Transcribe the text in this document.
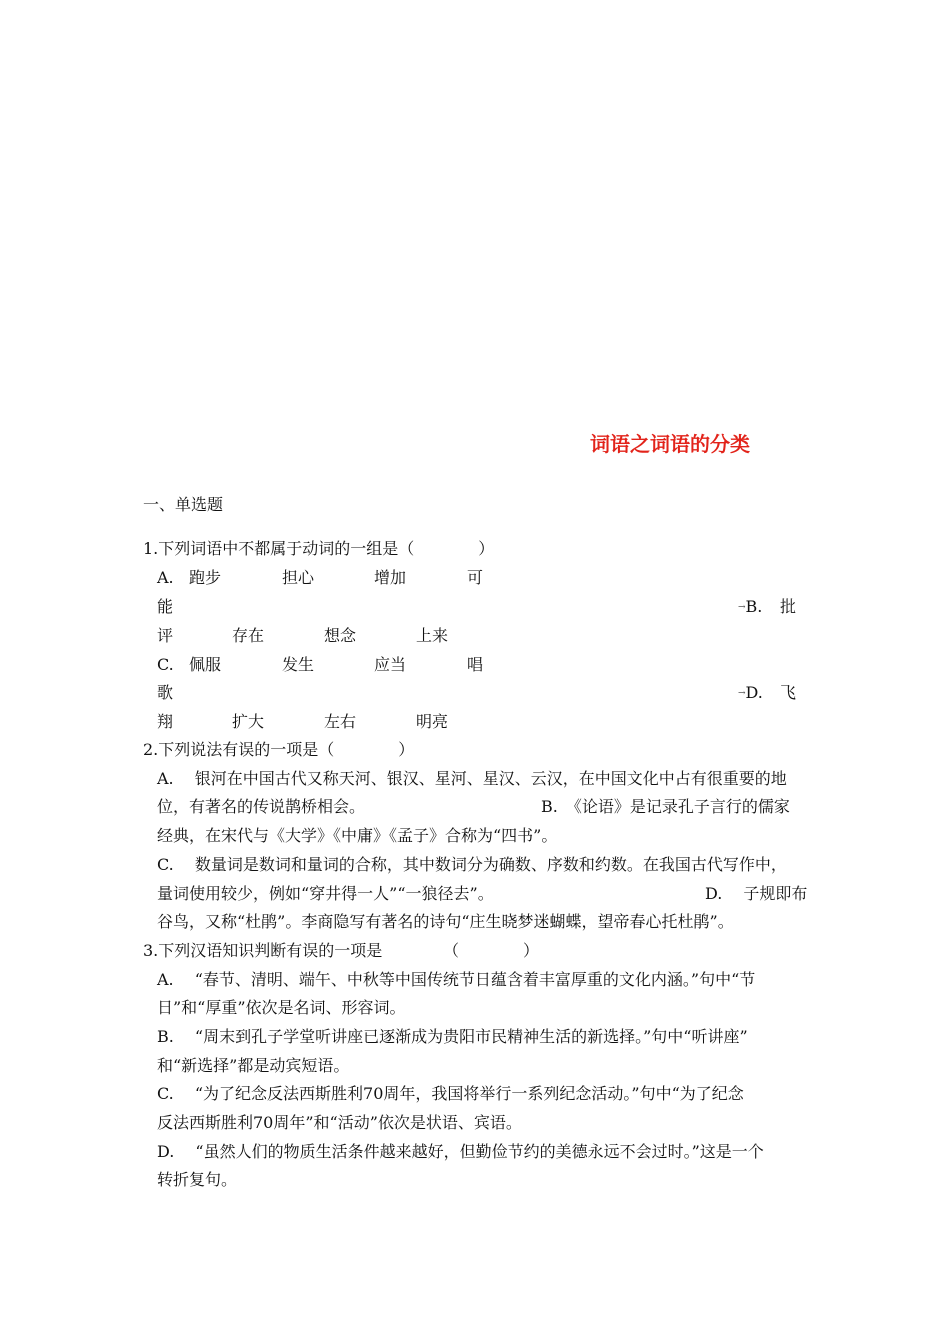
词语之词语的分类
一、单选题
1.下列词语中不都属于动词的一组是（　　　　）
A. 跑步	担心	增加	可
能	→B. 批
评	存在	想念	上来
C. 佩服	发生	应当	唱
歌	→D. 飞
翔	扩大	左右	明亮
2.下列说法有误的一项是（　　　　）
A.　 银河在中国古代又称天河、银汉、星河、星汉、云汉，在中国文化中占有很重要的地
位，有著名的传说鹊桥相会。	B.　《论语》是记录孔子言行的儒家
经典，在宋代与《大学》《中庸》《孟子》合称为“四书”。
C.　 数量词是数词和量词的合称，其中数词分为确数、序数和约数。在我国古代写作中，
量词使用较少，例如“穿井得一人”“一狼径去”。	D.　 子规即布
谷鸟，又称“杜鹃”。李商隐写有著名的诗句“庄生晓梦迷蝴蝶，望帝春心托杜鹃”。
3.下列汉语知识判断有误的一项是	（　　　　）
A.　 “春节、清明、端午、中秋等中国传统节日蕴含着丰富厚重的文化内涵。”句中“节
日”和“厚重”依次是名词、形容词。
B.　 “周末到孔子学堂听讲座已逐渐成为贵阳市民精神生活的新选择。”句中“听讲座”
和“新选择”都是动宾短语。
C.　 “为了纪念反法西斯胜利70周年，我国将举行一系列纪念活动。”句中“为了纪念
反法西斯胜利70周年”和“活动”依次是状语、宾语。
D.　 “虽然人们的物质生活条件越来越好，但勤俭节约的美德永远不会过时。”这是一个
转折复句。
